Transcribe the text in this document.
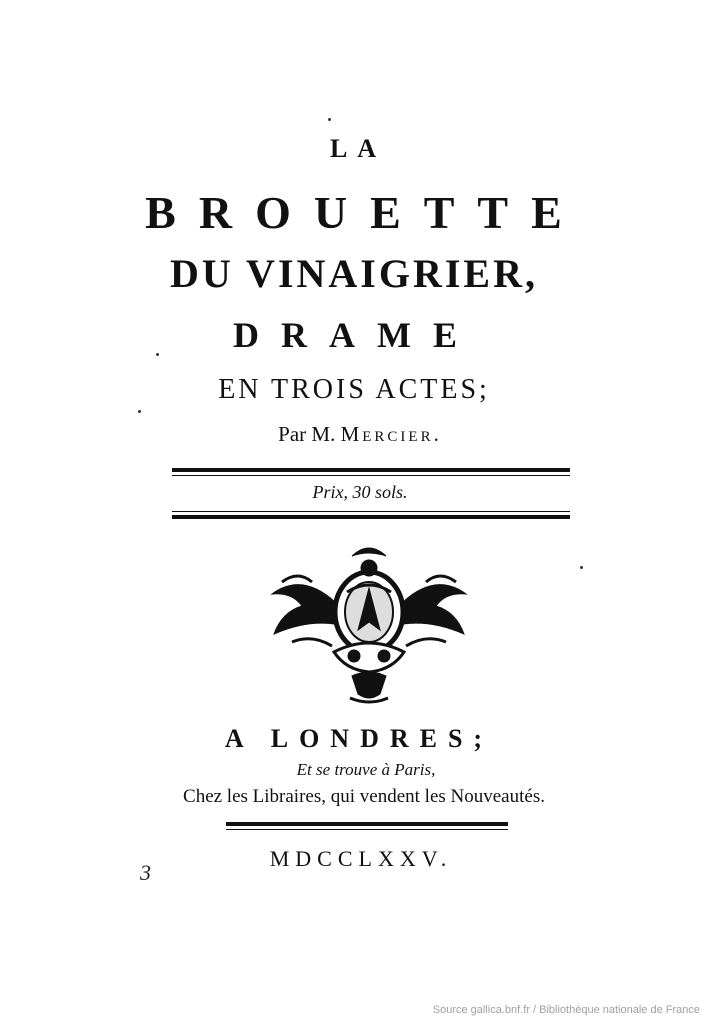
LA
BROUETTE
DU VINAIGRIER,
DRAME
EN TROIS ACTES;
Par M. Mercier.
Prix, 30 sols.
A LONDRES;
Et se trouve à Paris,
Chez les Libraires, qui vendent les Nouveautés.
MDCCLXXV.
3
Source gallica.bnf.fr / Bibliothèque nationale de France
